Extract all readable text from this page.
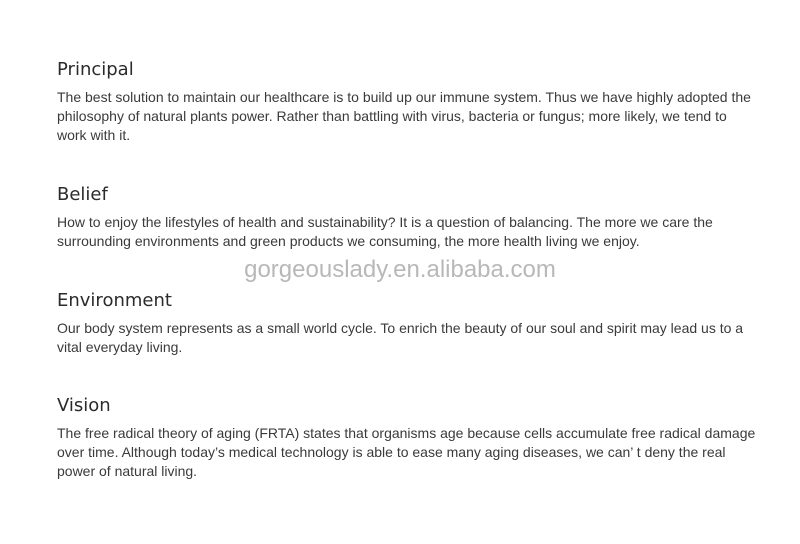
Principal

The best solution to maintain our healthcare is to build up our immune system. Thus we have highly adopted the philosophy of natural plants power. Rather than battling with virus, bacteria or fungus; more likely, we tend to work with it.

Belief

How to enjoy the lifestyles of health and sustainability? It is a question of balancing. The more we care the surrounding environments and green products we consuming, the more health living we enjoy.

Environment

Our body system represents as a small world cycle. To enrich the beauty of our soul and spirit may lead us to a vital everyday living.

Vision

The free radical theory of aging (FRTA) states that organisms age because cells accumulate free radical damage over time. Although today’s medical technology is able to ease many aging diseases, we can’ t deny the real power of natural living.

gorgeouslady.en.alibaba.com
